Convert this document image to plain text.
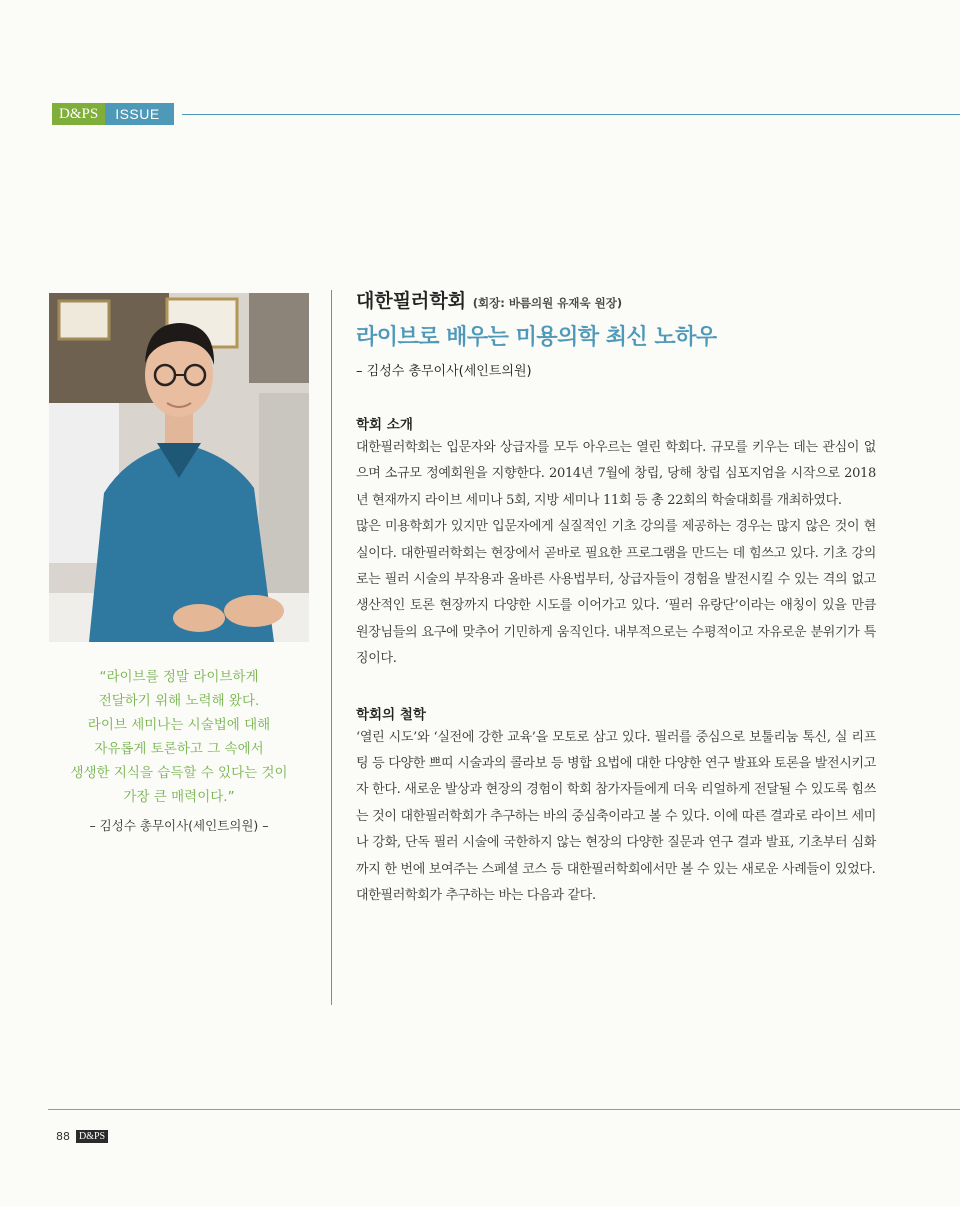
D&PS	ISSUE
“라이브를 정말 라이브하게
전달하기 위해 노력해 왔다.
라이브 세미나는 시술법에 대해
자유롭게 토론하고 그 속에서
생생한 지식을 습득할 수 있다는 것이
가장 큰 매력이다.”
– 김성수 총무이사(세인트의원) –
대한필러학회 (회장: 바름의원 유재욱 원장)
라이브로 배우는 미용의학 최신 노하우
– 김성수 총무이사(세인트의원)
학회 소개

대한필러학회는 입문자와 상급자를 모두 아우르는 열린 학회다. 규모를 키우는 데는 관심이 없으며 소규모 정예회원을 지향한다. 2014년 7월에 창립, 당해 창립 심포지엄을 시작으로 2018년 현재까지 라이브 세미나 5회, 지방 세미나 11회 등 총 22회의 학술대회를 개최하였다.

많은 미용학회가 있지만 입문자에게 실질적인 기초 강의를 제공하는 경우는 많지 않은 것이 현실이다. 대한필러학회는 현장에서 곧바로 필요한 프로그램을 만드는 데 힘쓰고 있다. 기초 강의로는 필러 시술의 부작용과 올바른 사용법부터, 상급자들이 경험을 발전시킬 수 있는 격의 없고 생산적인 토론 현장까지 다양한 시도를 이어가고 있다. ‘필러 유랑단’이라는 애칭이 있을 만큼 원장님들의 요구에 맞추어 기민하게 움직인다. 내부적으로는 수평적이고 자유로운 분위기가 특징이다.

학회의 철학

‘열린 시도’와 ‘실전에 강한 교육’을 모토로 삼고 있다. 필러를 중심으로 보툴리눔 톡신, 실 리프팅 등 다양한 쁘띠 시술과의 콜라보 등 병합 요법에 대한 다양한 연구 발표와 토론을 발전시키고자 한다. 새로운 발상과 현장의 경험이 학회 참가자들에게 더욱 리얼하게 전달될 수 있도록 힘쓰는 것이 대한필러학회가 추구하는 바의 중심축이라고 볼 수 있다. 이에 따른 결과로 라이브 세미나 강화, 단독 필러 시술에 국한하지 않는 현장의 다양한 질문과 연구 결과 발표, 기초부터 심화까지 한 번에 보여주는 스페셜 코스 등 대한필러학회에서만 볼 수 있는 새로운 사례들이 있었다.

대한필러학회가 추구하는 바는 다음과 같다.

88 D&PS
